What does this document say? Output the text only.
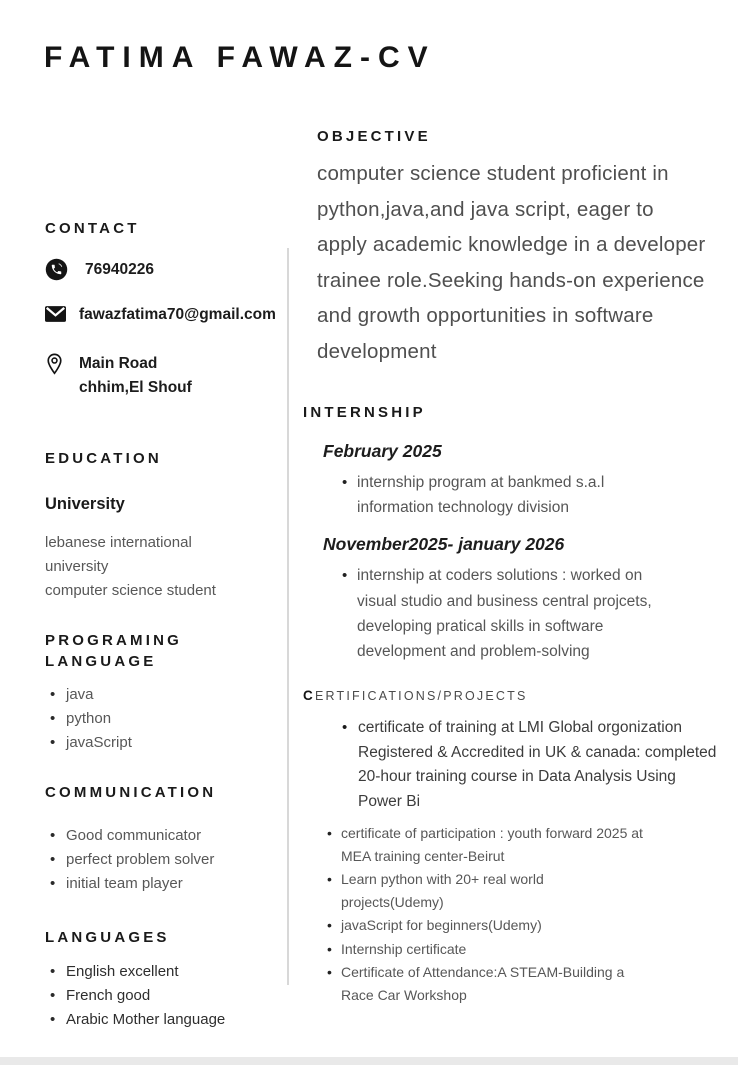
FATIMA FAWAZ-CV
CONTACT
76940226
fawazfatima70@gmail.com
Main Road
chhim,El Shouf
EDUCATION
University

lebanese international university

computer science student

PROGRAMING LANGUAGE
• java
• python
• javaScript
COMMUNICATION
• Good communicator
• perfect problem solver
• initial team player
LANGUAGES
• English excellent
• French good
• Arabic Mother language
OBJECTIVE

computer science student proficient in python,java,and java script, eager to apply academic knowledge in a developer trainee role.Seeking hands-on experience and growth opportunities in software development

INTERNSHIP
February 2025
• internship program at bankmed s.a.l information technology division
November2025- january 2026
• internship at coders solutions : worked on visual studio and business central projcets, developing pratical skills in software development and problem-solving
CERTIFICATIONS/PROJECTS
• certificate of training at LMI Global orgonization Registered & Accredited in UK & canada: completed 20-hour training course in Data Analysis Using Power Bi
• certificate of participation : youth forward 2025 at MEA training center-Beirut
• Learn python with 20+ real world projects(Udemy)
• javaScript for beginners(Udemy)
• Internship certificate
• Certificate of Attendance:A STEAM-Building a Race Car Workshop
